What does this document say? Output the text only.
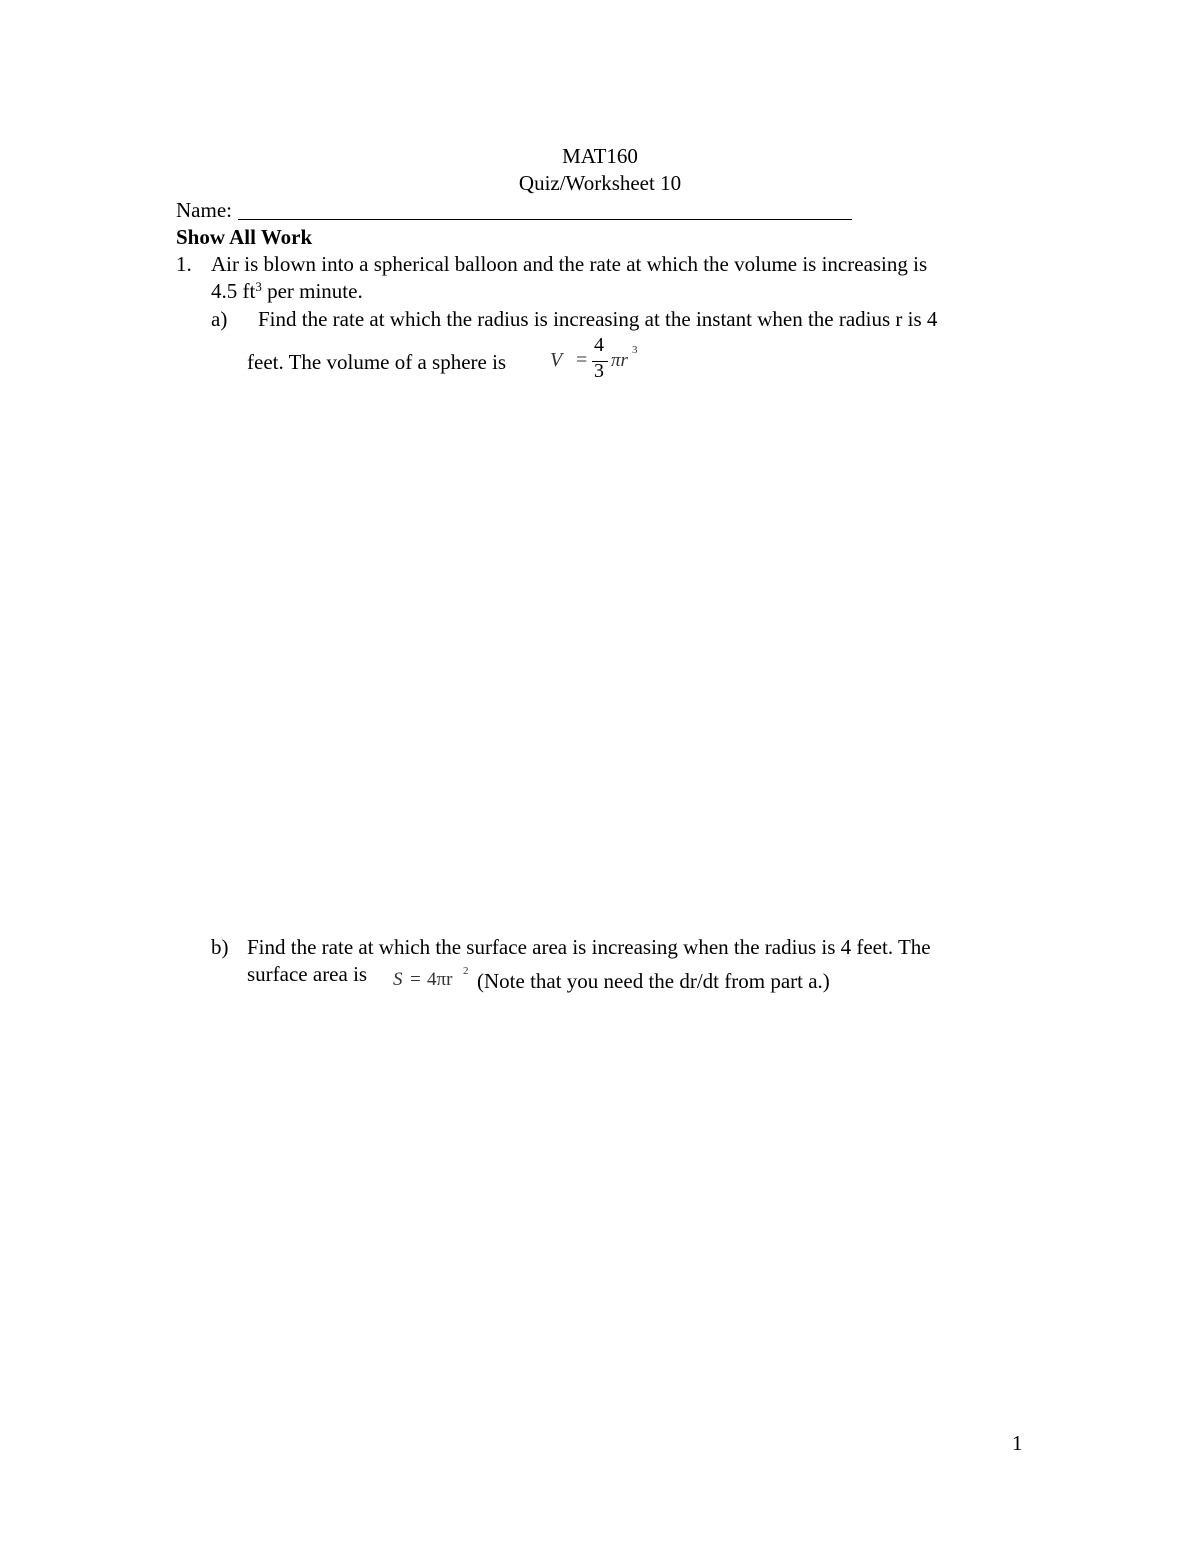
MAT160
Quiz/Worksheet 10
Name:
Show All Work
1. Air is blown into a spherical balloon and the rate at which the volume is increasing is
4.5 $ft^3$ per minute.
a) Find the rate at which the radius is increasing at the instant when the radius r is 4
feet. The volume of a sphere is V =
4
3 πr 3
b) Find the rate at which the surface area is increasing when the radius is 4 feet. The
surface area is S = 4πr 2 (Note that you need the dr/dt from part a.)
1
